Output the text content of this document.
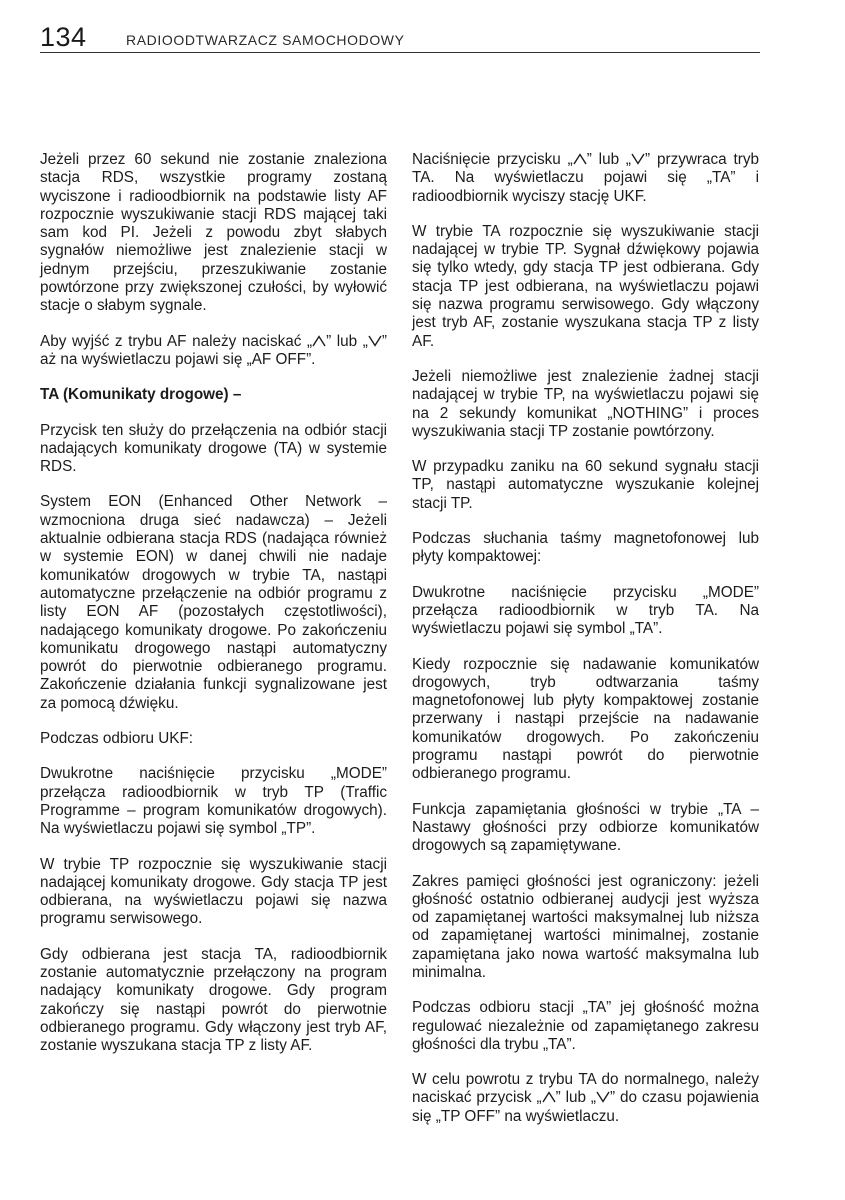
134	RADIOODTWARZACZ SAMOCHODOWY

Jeżeli przez 60 sekund nie zostanie znaleziona stacja RDS, wszystkie programy zostaną wyciszone i radioodbiornik na podstawie listy AF rozpocznie wyszukiwanie stacji RDS mającej taki sam kod PI. Jeżeli z powodu zbyt słabych sygnałów niemożliwe jest znalezienie stacji w jednym przejściu, przeszukiwanie zostanie powtórzone przy zwiększonej czułości, by wyłowić stacje o słabym sygnale.

Aby wyjść z trybu AF należy naciskać „ ” lub „ ” aż na wyświetlaczu pojawi się „AF OFF”.

TA (Komunikaty drogowe) –

Przycisk ten służy do przełączenia na odbiór stacji nadających komunikaty drogowe (TA) w systemie RDS.

System EON (Enhanced Other Network – wzmocniona druga sieć nadawcza) – Jeżeli aktualnie odbierana stacja RDS (nadająca również w systemie EON) w danej chwili nie nadaje komunikatów drogowych w trybie TA, nastąpi automatyczne przełączenie na odbiór programu z listy EON AF (pozostałych częstotliwości), nadającego komunikaty drogowe. Po zakończeniu komunikatu drogowego nastąpi automatyczny powrót do pierwotnie odbieranego programu. Zakończenie działania funkcji sygnalizowane jest za pomocą dźwięku.

Podczas odbioru UKF:

Dwukrotne naciśnięcie przycisku „MODE” przełącza radioodbiornik w tryb TP (Traffic Programme – program komunikatów drogowych). Na wyświetlaczu pojawi się symbol „TP”.

W trybie TP rozpocznie się wyszukiwanie stacji nadającej komunikaty drogowe. Gdy stacja TP jest odbierana, na wyświetlaczu pojawi się nazwa programu serwisowego.

Gdy odbierana jest stacja TA, radioodbiornik zostanie automatycznie przełączony na program nadający komunikaty drogowe. Gdy program zakończy się nastąpi powrót do pierwotnie odbieranego programu. Gdy włączony jest tryb AF, zostanie wyszukana stacja TP z listy AF.

Naciśnięcie przycisku „ ” lub „ ” przywraca tryb TA. Na wyświetlaczu pojawi się „TA” i radioodbiornik wyciszy stację UKF.

W trybie TA rozpocznie się wyszukiwanie stacji nadającej w trybie TP. Sygnał dźwiękowy pojawia się tylko wtedy, gdy stacja TP jest odbierana. Gdy stacja TP jest odbierana, na wyświetlaczu pojawi się nazwa programu serwisowego. Gdy włączony jest tryb AF, zostanie wyszukana stacja TP z listy AF.

Jeżeli niemożliwe jest znalezienie żadnej stacji nadającej w trybie TP, na wyświetlaczu pojawi się na 2 sekundy komunikat „NOTHING” i proces wyszukiwania stacji TP zostanie powtórzony.

W przypadku zaniku na 60 sekund sygnału stacji TP, nastąpi automatyczne wyszukanie kolejnej stacji TP.

Podczas słuchania taśmy magnetofonowej lub płyty kompaktowej:

Dwukrotne naciśnięcie przycisku „MODE” przełącza radioodbiornik w tryb TA. Na wyświetlaczu pojawi się symbol „TA”.

Kiedy rozpocznie się nadawanie komunikatów drogowych, tryb odtwarzania taśmy magnetofonowej lub płyty kompaktowej zostanie przerwany i nastąpi przejście na nadawanie komunikatów drogowych. Po zakończeniu programu nastąpi powrót do pierwotnie odbieranego programu.

Funkcja zapamiętania głośności w trybie „TA – Nastawy głośności przy odbiorze komunikatów drogowych są zapamiętywane.

Zakres pamięci głośności jest ograniczony: jeżeli głośność ostatnio odbieranej audycji jest wyższa od zapamiętanej wartości maksymalnej lub niższa od zapamiętanej wartości minimalnej, zostanie zapamiętana jako nowa wartość maksymalna lub minimalna.

Podczas odbioru stacji „TA” jej głośność można regulować niezależnie od zapamiętanego zakresu głośności dla trybu „TA”.

W celu powrotu z trybu TA do normalnego, należy naciskać przycisk „ ” lub „ ” do czasu pojawienia się „TP OFF” na wyświetlaczu.
